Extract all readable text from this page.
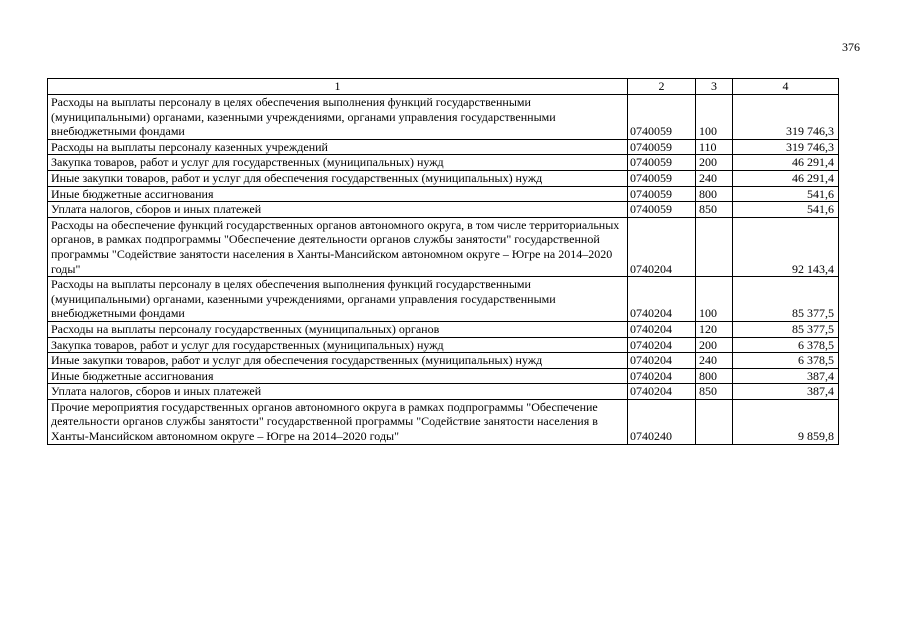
376
1	2	3	4
Расходы на выплаты персоналу в целях обеспечения выполнения функций государственными (муниципальными) органами, казенными учреждениями, органами управления государственными внебюджетными фондами	0740059	100	319 746,3
Расходы на выплаты персоналу казенных учреждений	0740059	110	319 746,3
Закупка товаров, работ и услуг для государственных (муниципальных) нужд	0740059	200	46 291,4
Иные закупки товаров, работ и услуг для обеспечения государственных (муниципальных) нужд	0740059	240	46 291,4
Иные бюджетные ассигнования	0740059	800	541,6
Уплата налогов, сборов и иных платежей	0740059	850	541,6
Расходы на обеспечение функций государственных органов автономного округа, в том числе территориальных органов, в рамках подпрограммы "Обеспечение деятельности органов службы занятости" государственной программы "Содействие занятости населения в Ханты-Мансийском автономном округе – Югре на 2014–2020 годы"	0740204		92 143,4
Расходы на выплаты персоналу в целях обеспечения выполнения функций государственными (муниципальными) органами, казенными учреждениями, органами управления государственными внебюджетными фондами	0740204	100	85 377,5
Расходы на выплаты персоналу государственных (муниципальных) органов	0740204	120	85 377,5
Закупка товаров, работ и услуг для государственных (муниципальных) нужд	0740204	200	6 378,5
Иные закупки товаров, работ и услуг для обеспечения государственных (муниципальных) нужд	0740204	240	6 378,5
Иные бюджетные ассигнования	0740204	800	387,4
Уплата налогов, сборов и иных платежей	0740204	850	387,4
Прочие мероприятия государственных органов автономного округа в рамках подпрограммы "Обеспечение деятельности органов службы занятости" государственной программы "Содействие занятости населения в Ханты-Мансийском автономном округе – Югре на 2014–2020 годы"	0740240		9 859,8
